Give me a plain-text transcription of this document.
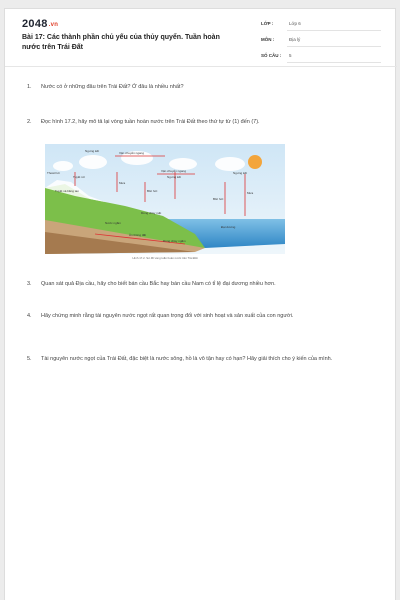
2048.vn
Bài 17: Các thành phần chủ yếu của thủy quyển. Tuần hoàn nước trên Trái Đất
LỚP :	Lớp 6
MÔN :	Địa lý
SỐ CÂU : 5
1. Nước có ở những đâu trên Trái Đất? Ở đâu là nhiều nhất?
2. Đọc hình 17.2, hãy mô tả lại vòng tuần hoàn nước trên Trái Đất theo thứ tự từ (1) đến (7).
Vận chuyển ngang
Vận chuyển ngang
Ngưng kết
Ngưng kết
Ngưng kết
Thoát hơi
Tuyết rơi
Tuyết và băng tan
Mưa
Mưa
Bốc hơi
Bốc hơi
Dòng chảy mặt
Nước ngầm
Dòng chảy ngầm
Đại dương
Ăn thông đất
Hình 17.2. Sơ đồ vòng tuần hoàn nước trên Trái Đất
3. Quan sát quả Địa cầu, hãy cho biết bán cầu Bắc hay bán cầu Nam có tỉ lệ đại dương nhiều hơn.
4. Hãy chứng minh rằng tài nguyên nước ngọt rất quan trọng đối với sinh hoạt và sản xuất của con người.
5. Tài nguyên nước ngọt của Trái Đất, đặc biệt là nước sông, hồ là vô tận hay có hạn? Hãy giải thích cho ý kiến của mình.
